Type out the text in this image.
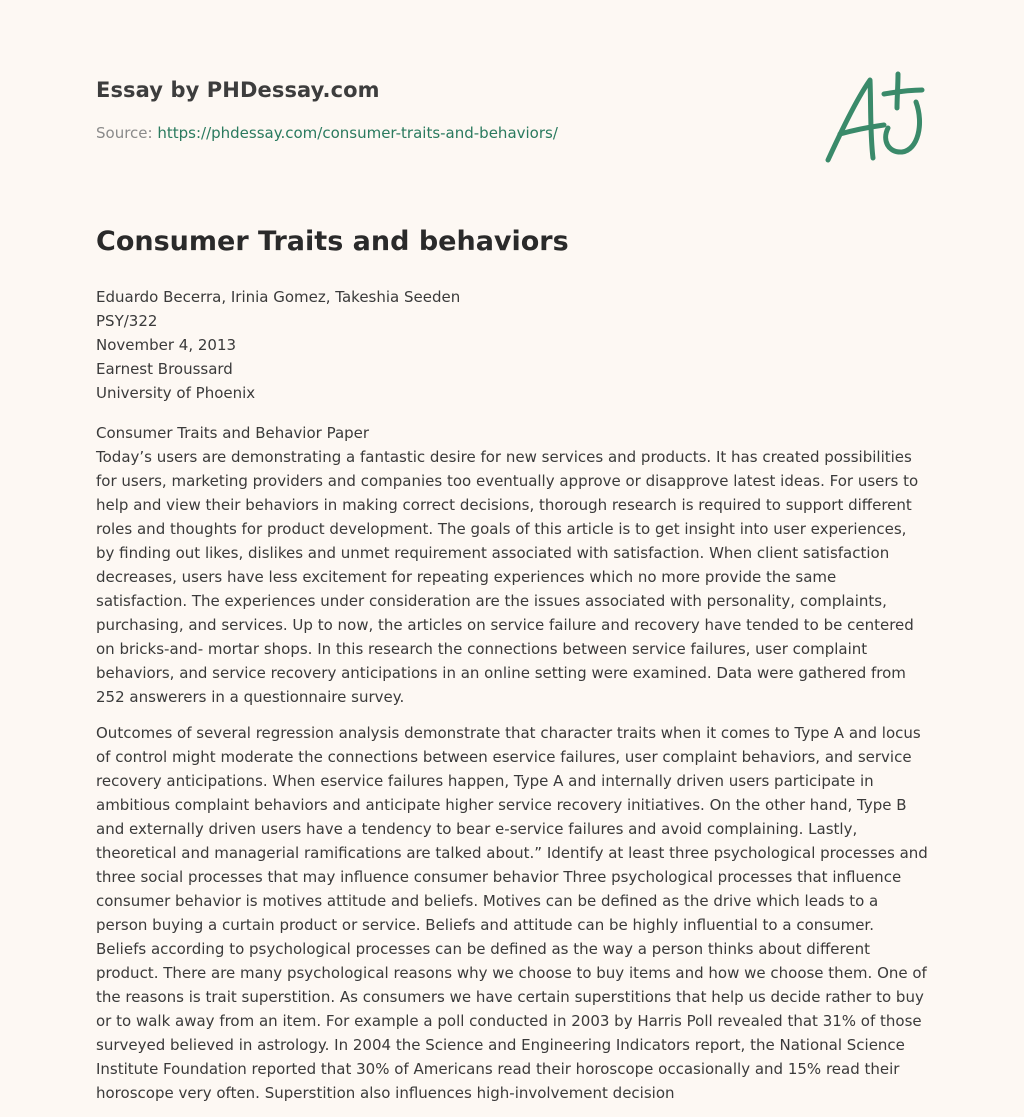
Essay by PHDessay.com
Source: https://phdessay.com/consumer-traits-and-behaviors/
Consumer Traits and behaviors
Eduardo Becerra, Irinia Gomez, Takeshia Seeden
PSY/322
November 4, 2013
Earnest Broussard
University of Phoenix
Consumer Traits and Behavior Paper

Today’s users are demonstrating a fantastic desire for new services and products. It has created possibilities for users, marketing providers and companies too eventually approve or disapprove latest ideas. For users to help and view their behaviors in making correct decisions, thorough research is required to support different roles and thoughts for product development. The goals of this article is to get insight into user experiences, by finding out likes, dislikes and unmet requirement associated with satisfaction. When client satisfaction decreases, users have less excitement for repeating experiences which no more provide the same satisfaction. The experiences under consideration are the issues associated with personality, complaints, purchasing, and services. Up to now, the articles on service failure and recovery have tended to be centered on bricks-and- mortar shops. In this research the connections between service failures, user complaint behaviors, and service recovery anticipations in an online setting were examined. Data were gathered from 252 answerers in a questionnaire survey.

Outcomes of several regression analysis demonstrate that character traits when it comes to Type A and locus of control might moderate the connections between eservice failures, user complaint behaviors, and service recovery anticipations. When eservice failures happen, Type A and internally driven users participate in ambitious complaint behaviors and anticipate higher service recovery initiatives. On the other hand, Type B and externally driven users have a tendency to bear e-service failures and avoid complaining. Lastly, theoretical and managerial ramifications are talked about.” Identify at least three psychological processes and three social processes that may influence consumer behavior Three psychological processes that influence consumer behavior is motives attitude and beliefs. Motives can be defined as the drive which leads to a person buying a curtain product or service. Beliefs and attitude can be highly influential to a consumer. Beliefs according to psychological processes can be defined as the way a person thinks about different product. There are many psychological reasons why we choose to buy items and how we choose them. One of the reasons is trait superstition. As consumers we have certain superstitions that help us decide rather to buy or to walk away from an item. For example a poll conducted in 2003 by Harris Poll revealed that 31% of those surveyed believed in astrology. In 2004 the Science and Engineering Indicators report, the National Science Institute Foundation reported that 30% of Americans read their horoscope occasionally and 15% read their horoscope very often. Superstition also influences high-involvement decision
